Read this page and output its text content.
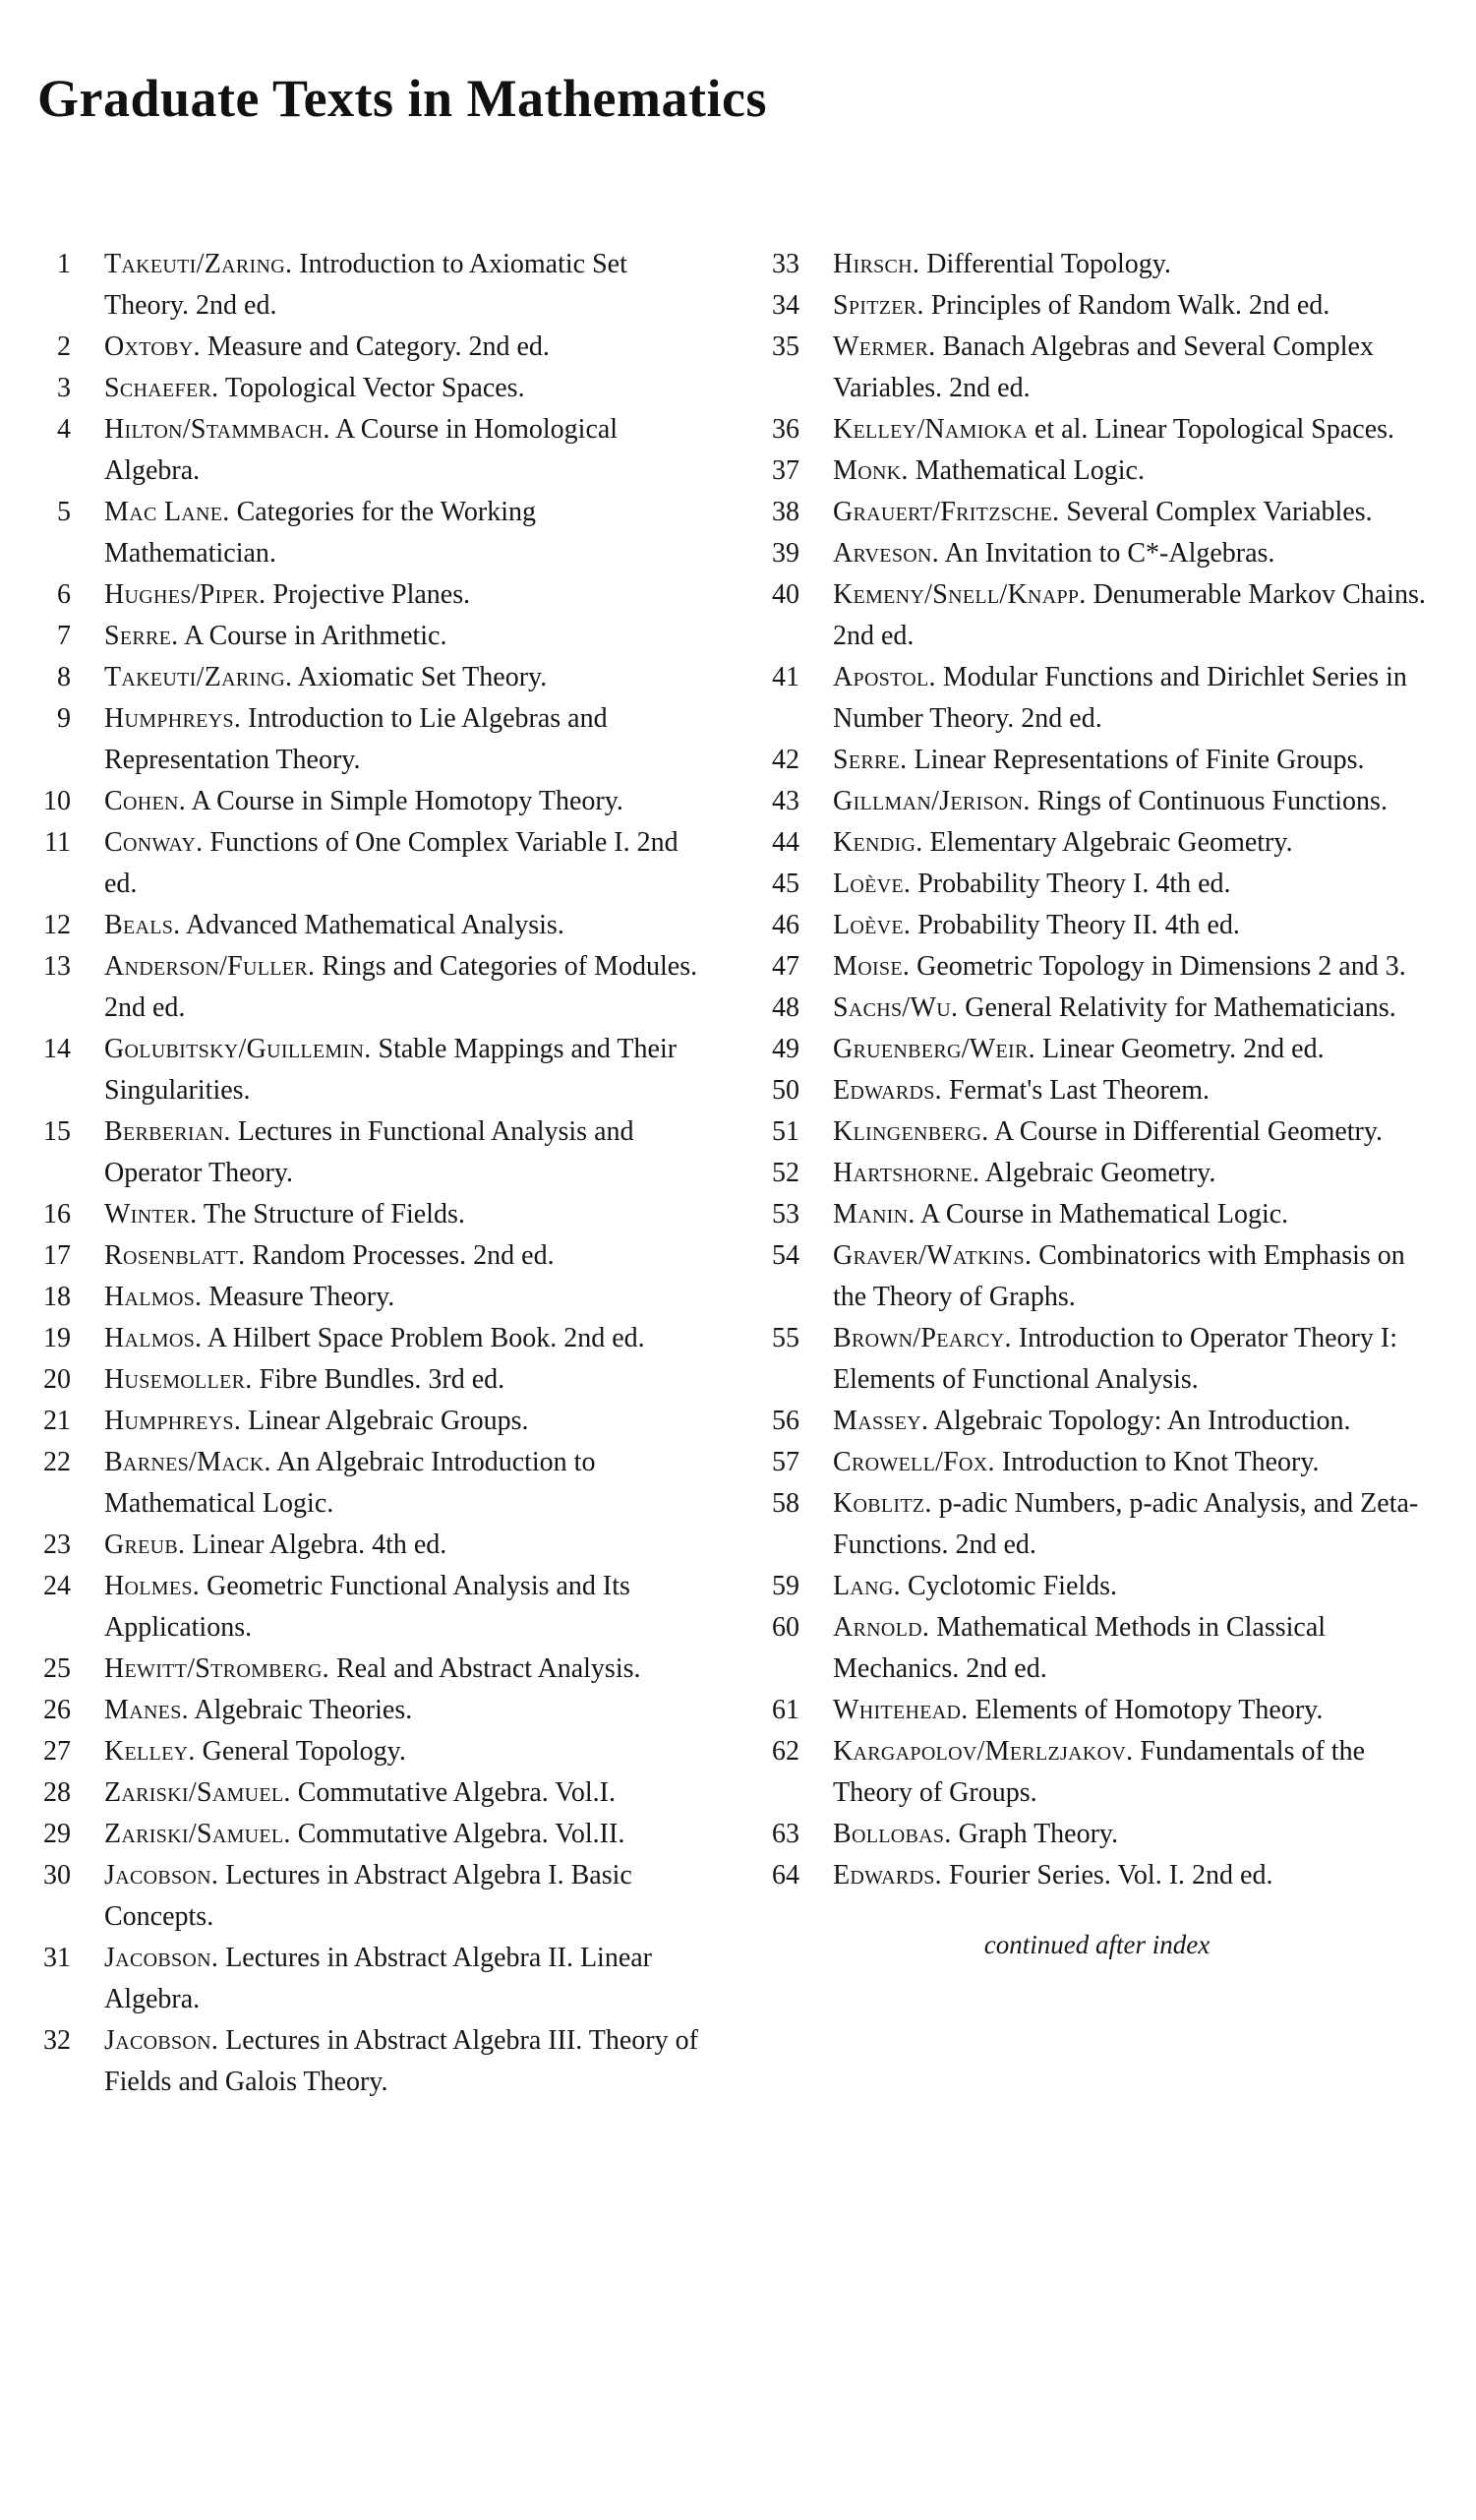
Graduate Texts in Mathematics
1	Takeuti/Zaring. Introduction to Axiomatic Set Theory. 2nd ed.
2	Oxtoby. Measure and Category. 2nd ed.
3	Schaefer. Topological Vector Spaces.
4	Hilton/Stammbach. A Course in Homological Algebra.
5	Mac Lane. Categories for the Working Mathematician.
6	Hughes/Piper. Projective Planes.
7	Serre. A Course in Arithmetic.
8	Takeuti/Zaring. Axiomatic Set Theory.
9	Humphreys. Introduction to Lie Algebras and Representation Theory.
10	Cohen. A Course in Simple Homotopy Theory.
11	Conway. Functions of One Complex Variable I. 2nd ed.
12	Beals. Advanced Mathematical Analysis.
13	Anderson/Fuller. Rings and Categories of Modules. 2nd ed.
14	Golubitsky/Guillemin. Stable Mappings and Their Singularities.
15	Berberian. Lectures in Functional Analysis and Operator Theory.
16	Winter. The Structure of Fields.
17	Rosenblatt. Random Processes. 2nd ed.
18	Halmos. Measure Theory.
19	Halmos. A Hilbert Space Problem Book. 2nd ed.
20	Husemoller. Fibre Bundles. 3rd ed.
21	Humphreys. Linear Algebraic Groups.
22	Barnes/Mack. An Algebraic Introduction to Mathematical Logic.
23	Greub. Linear Algebra. 4th ed.
24	Holmes. Geometric Functional Analysis and Its Applications.
25	Hewitt/Stromberg. Real and Abstract Analysis.
26	Manes. Algebraic Theories.
27	Kelley. General Topology.
28	Zariski/Samuel. Commutative Algebra. Vol.I.
29	Zariski/Samuel. Commutative Algebra. Vol.II.
30	Jacobson. Lectures in Abstract Algebra I. Basic Concepts.
31	Jacobson. Lectures in Abstract Algebra II. Linear Algebra.
32	Jacobson. Lectures in Abstract Algebra III. Theory of Fields and Galois Theory.
33	Hirsch. Differential Topology.
34	Spitzer. Principles of Random Walk. 2nd ed.
35	Wermer. Banach Algebras and Several Complex Variables. 2nd ed.
36	Kelley/Namioka et al. Linear Topological Spaces.
37	Monk. Mathematical Logic.
38	Grauert/Fritzsche. Several Complex Variables.
39	Arveson. An Invitation to C*-Algebras.
40	Kemeny/Snell/Knapp. Denumerable Markov Chains. 2nd ed.
41	Apostol. Modular Functions and Dirichlet Series in Number Theory. 2nd ed.
42	Serre. Linear Representations of Finite Groups.
43	Gillman/Jerison. Rings of Continuous Functions.
44	Kendig. Elementary Algebraic Geometry.
45	Loève. Probability Theory I. 4th ed.
46	Loève. Probability Theory II. 4th ed.
47	Moise. Geometric Topology in Dimensions 2 and 3.
48	Sachs/Wu. General Relativity for Mathematicians.
49	Gruenberg/Weir. Linear Geometry. 2nd ed.
50	Edwards. Fermat's Last Theorem.
51	Klingenberg. A Course in Differential Geometry.
52	Hartshorne. Algebraic Geometry.
53	Manin. A Course in Mathematical Logic.
54	Graver/Watkins. Combinatorics with Emphasis on the Theory of Graphs.
55	Brown/Pearcy. Introduction to Operator Theory I: Elements of Functional Analysis.
56	Massey. Algebraic Topology: An Introduction.
57	Crowell/Fox. Introduction to Knot Theory.
58	Koblitz. p-adic Numbers, p-adic Analysis, and Zeta-Functions. 2nd ed.
59	Lang. Cyclotomic Fields.
60	Arnold. Mathematical Methods in Classical Mechanics. 2nd ed.
61	Whitehead. Elements of Homotopy Theory.
62	Kargapolov/Merlzjakov. Fundamentals of the Theory of Groups.
63	Bollobas. Graph Theory.
64	Edwards. Fourier Series. Vol. I. 2nd ed.
continued after index
